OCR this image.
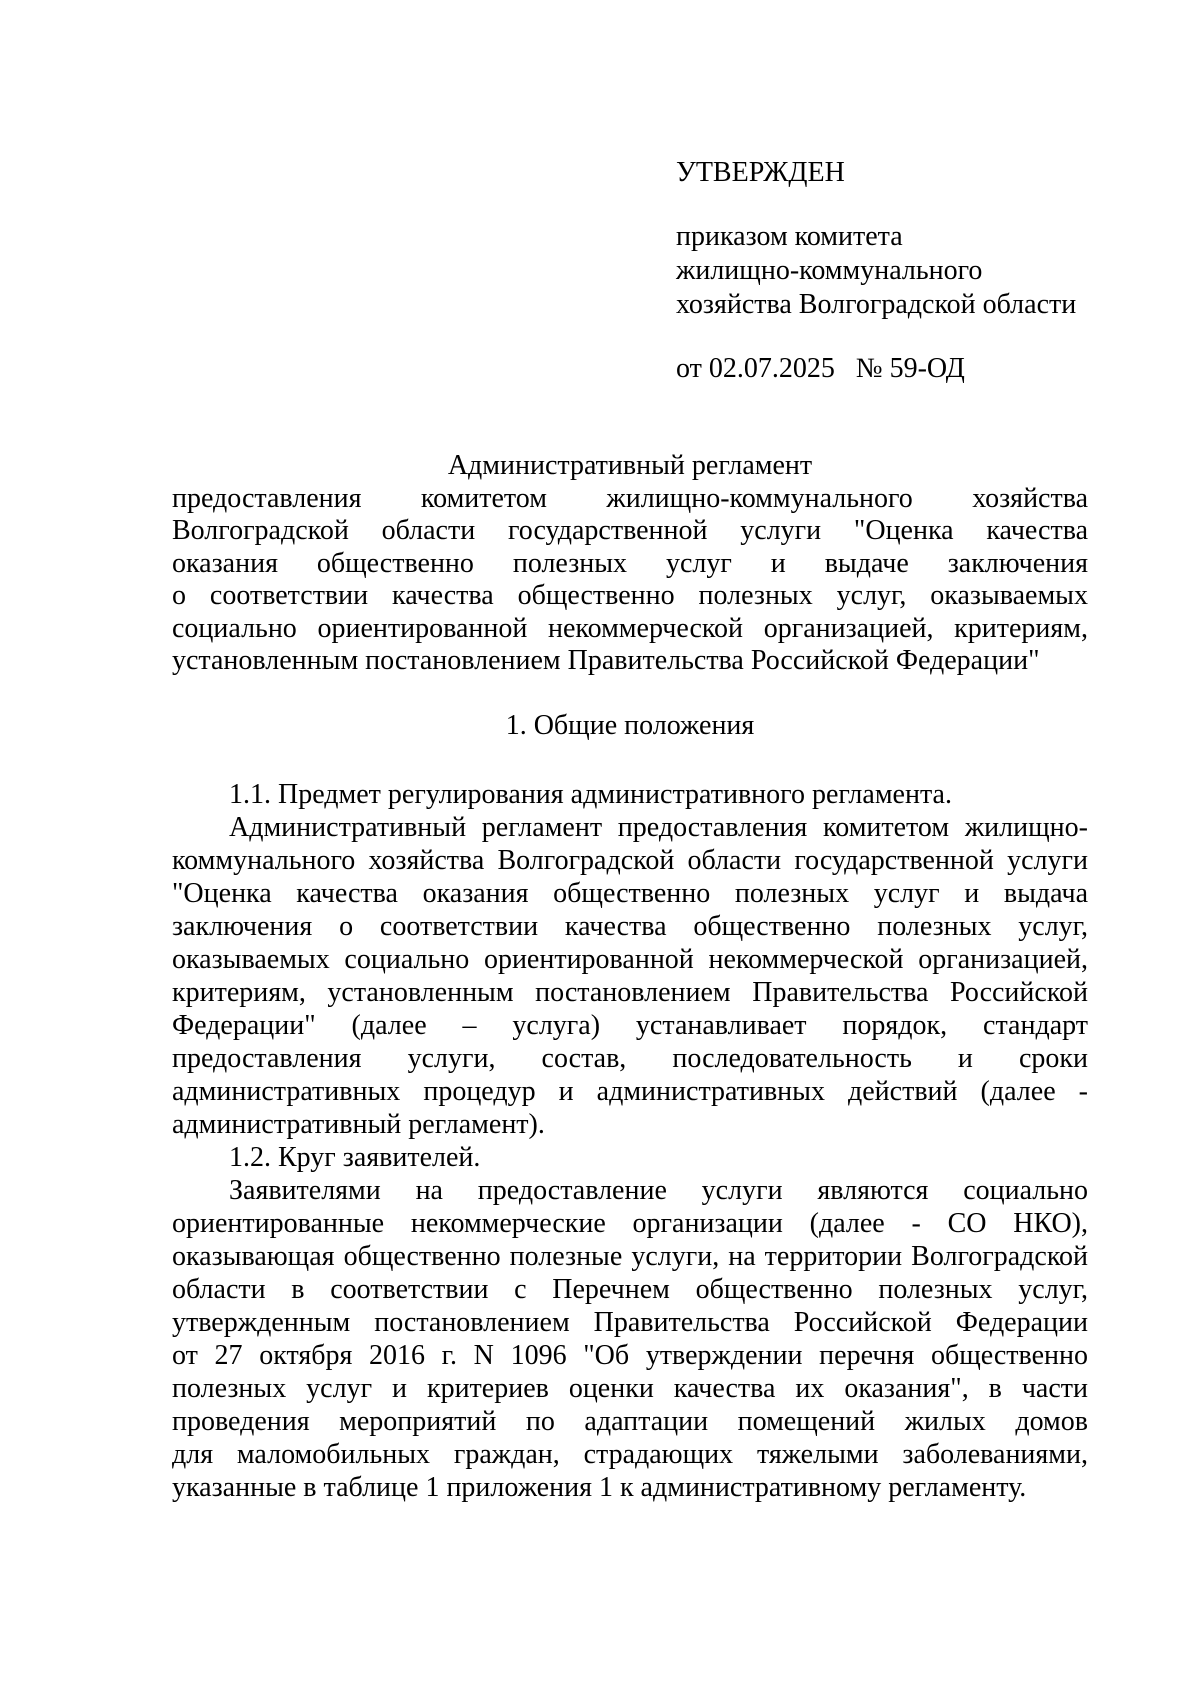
УТВЕРЖДЕН

приказом комитета
жилищно-коммунального
хозяйства Волгоградской области

от 02.07.2025   № 59-ОД

Административный регламент

предоставления комитетом жилищно-коммунального хозяйства
Волгоградской области государственной услуги "Оценка качества
оказания общественно полезных услуг и выдаче заключения
о соответствии качества общественно полезных услуг, оказываемых
социально ориентированной некоммерческой организацией, критериям,
установленным постановлением Правительства Российской Федерации"

1. Общие положения

1.1. Предмет регулирования административного регламента.

Административный регламент предоставления комитетом жилищно-
коммунального хозяйства Волгоградской области государственной услуги
"Оценка качества оказания общественно полезных услуг и выдача
заключения о соответствии качества общественно полезных услуг,
оказываемых социально ориентированной некоммерческой организацией,
критериям, установленным постановлением Правительства Российской
Федерации" (далее – услуга) устанавливает порядок, стандарт
предоставления услуги, состав, последовательность и сроки
административных процедур и административных действий (далее -
административный регламент).

1.2. Круг заявителей.

Заявителями на предоставление услуги являются социально
ориентированные некоммерческие организации (далее - СО НКО),
оказывающая общественно полезные услуги, на территории Волгоградской
области в соответствии с Перечнем общественно полезных услуг,
утвержденным постановлением Правительства Российской Федерации
от 27 октября 2016 г. N 1096 "Об утверждении перечня общественно
полезных услуг и критериев оценки качества их оказания", в части
проведения мероприятий по адаптации помещений жилых домов
для маломобильных граждан, страдающих тяжелыми заболеваниями,
указанные в таблице 1 приложения 1 к административному регламенту.
